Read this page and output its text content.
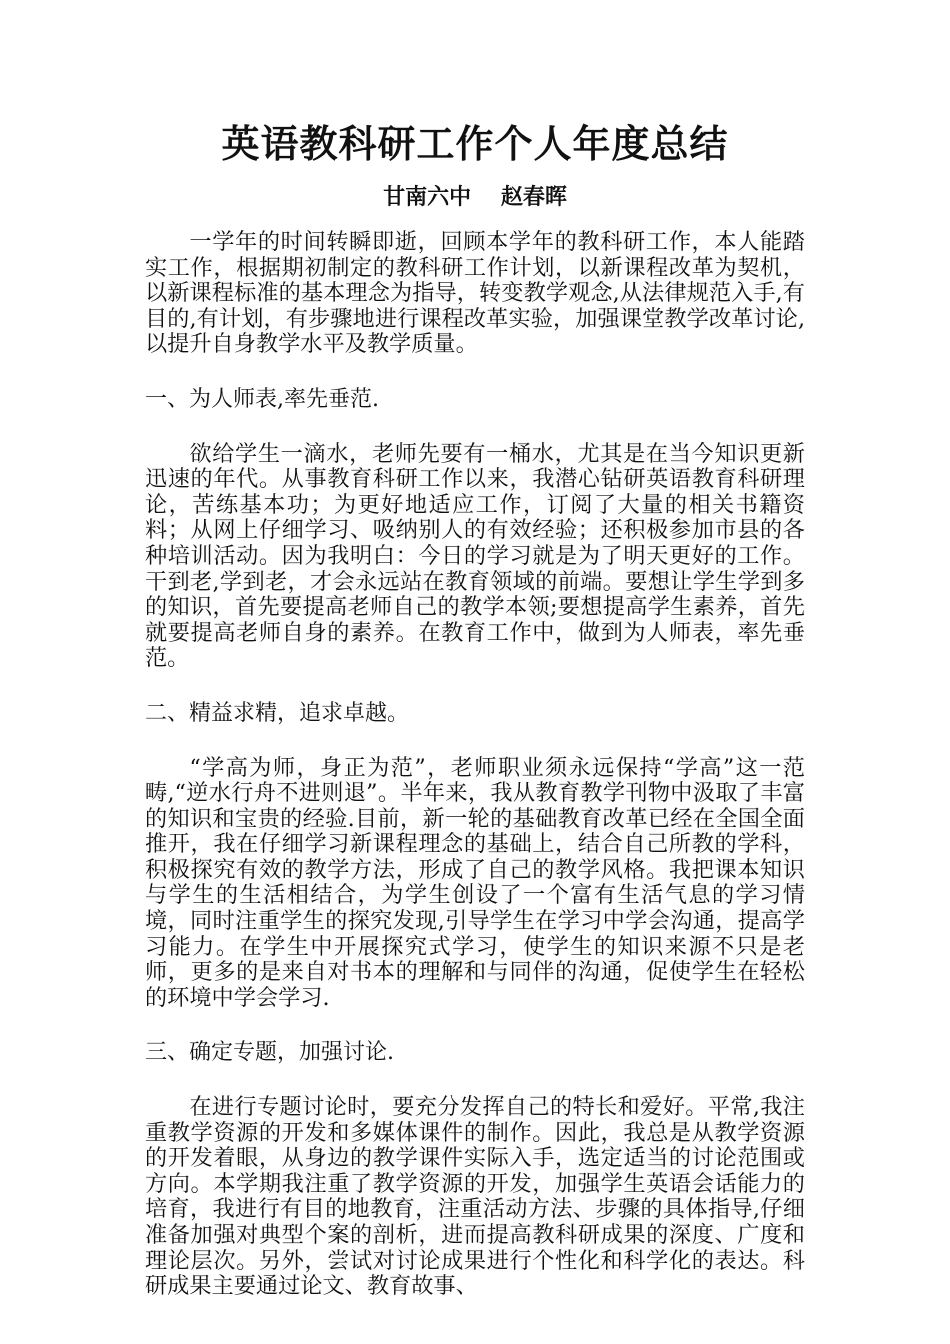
英语教科研工作个人年度总结

甘南六中　 赵春晖

一学年的时间转瞬即逝，回顾本学年的教科研工作，本人能踏实工作，根据期初制定的教科研工作计划，以新课程改革为契机，以新课程标准的基本理念为指导，转变教学观念,从法律规范入手,有目的,有计划，有步骤地进行课程改革实验，加强课堂教学改革讨论,以提升自身教学水平及教学质量。

一、为人师表,率先垂范.

欲给学生一滴水，老师先要有一桶水，尤其是在当今知识更新迅速的年代。从事教育科研工作以来，我潜心钻研英语教育科研理论，苦练基本功；为更好地适应工作，订阅了大量的相关书籍资料；从网上仔细学习、吸纳别人的有效经验；还积极参加市县的各种培训活动。因为我明白：今日的学习就是为了明天更好的工作。干到老,学到老，才会永远站在教育领域的前端。要想让学生学到多的知识，首先要提高老师自己的教学本领;要想提高学生素养，首先就要提高老师自身的素养。在教育工作中，做到为人师表，率先垂范。

二、精益求精，追求卓越。

“学高为师，身正为范”，老师职业须永远保持“学高”这一范畴,“逆水行舟不进则退”。半年来，我从教育教学刊物中汲取了丰富的知识和宝贵的经验.目前，新一轮的基础教育改革已经在全国全面推开，我在仔细学习新课程理念的基础上，结合自己所教的学科，积极探究有效的教学方法，形成了自己的教学风格。我把课本知识与学生的生活相结合，为学生创设了一个富有生活气息的学习情境，同时注重学生的探究发现,引导学生在学习中学会沟通，提高学习能力。在学生中开展探究式学习，使学生的知识来源不只是老师，更多的是来自对书本的理解和与同伴的沟通，促使学生在轻松的环境中学会学习.

三、确定专题，加强讨论.

在进行专题讨论时，要充分发挥自己的特长和爱好。平常,我注重教学资源的开发和多媒体课件的制作。因此，我总是从教学资源的开发着眼，从身边的教学课件实际入手，选定适当的讨论范围或方向。本学期我注重了教学资源的开发，加强学生英语会话能力的培育，我进行有目的地教育，注重活动方法、步骤的具体指导,仔细准备加强对典型个案的剖析，进而提高教科研成果的深度、广度和理论层次。另外，尝试对讨论成果进行个性化和科学化的表达。科研成果主要通过论文、教育故事、
